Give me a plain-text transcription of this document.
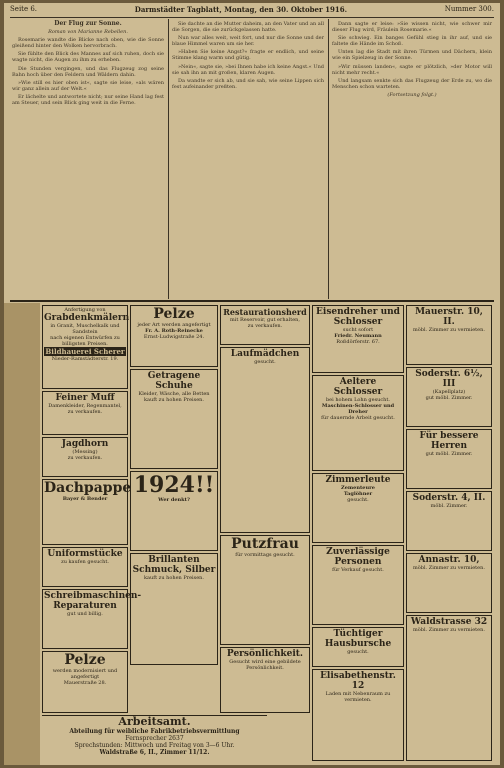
Seite 6.	Darmstädter Tagblatt, Montag, den 30. Oktober 1916.	Nummer 300.

Der Flug zur Sonne.

Roman von Marianne Rebellen.

Rosemarie wandte die Blicke nach oben, wie die Sonne gleißend hinter den Wolken hervorbrach.

Sie fühlte den Blick des Mannes auf sich ruhen, doch sie wagte nicht, die Augen zu ihm zu erheben.

Die Stunden vergingen, und das Flugzeug zog seine Bahn hoch über den Feldern und Wäldern dahin.

»Wie still es hier oben ist«, sagte sie leise, »als wären wir ganz allein auf der Welt.«

Er lächelte und antwortete nicht; nur seine Hand lag fest am Steuer, und sein Blick ging weit in die Ferne.

Sie dachte an die Mutter daheim, an den Vater und an all die Sorgen, die sie zurückgelassen hatte.

Nun war alles weit, weit fort, und nur die Sonne und der blaue Himmel waren um sie her.

»Haben Sie keine Angst?« fragte er endlich, und seine Stimme klang warm und gütig.

»Nein«, sagte sie, »bei Ihnen habe ich keine Angst.« Und sie sah ihn an mit großen, klaren Augen.

Da wandte er sich ab, und sie sah, wie seine Lippen sich fest aufeinander preßten.

Dann sagte er leise: »Sie wissen nicht, wie schwer mir dieser Flug wird, Fräulein Rosemarie.«

Sie schwieg. Ein banges Gefühl stieg in ihr auf, und sie faltete die Hände im Schoß.

Unten lag die Stadt mit ihren Türmen und Dächern, klein wie ein Spielzeug in der Sonne.

»Wir müssen landen«, sagte er plötzlich, »der Motor will nicht mehr recht.«

Und langsam senkte sich das Flugzeug der Erde zu, wo die Menschen schon warteten.

(Fortsetzung folgt.)

Anfertigung von
Grabdenkmälern
in Granit, Muschelkalk und Sandstein
nach eigenen Entwürfen zu billigsten Preisen.
Bildhauerei Scherer
Nieder-Ramstädterstr. 19.
Feiner Muff
Damenkleider, Regenmantel,
zu verkaufen.
Jagdhorn
(Messing)
zu verkaufen.
Dachpappe
Bayer & Bender
Uniformstücke
zu kaufen gesucht.
Schreibmaschinen-
Reparaturen
gut und billig.
Pelze
werden modernisiert und angefertigt
Mauerstraße 28.
Pelze
jeder Art werden angefertigt
Fr. A. Roth-Reinecke
Ernst-Ludwigstraße 24.
Getragene Schuhe
Kleider, Wäsche, alle Betten
kauft zu hohen Preisen.
1924!!
Wer denkt?
Brillanten
Schmuck, Silber
kauft zu hohen Preisen.
Restaurationsherd
mit Reservoir, gut erhalten,
zu verkaufen.
Laufmädchen
gesucht.
Putzfrau
für vormittags gesucht.
Persönlichkeit.
Gesucht wird eine gebildete Persönlichkeit.
Eisendreher und Schlosser
sucht sofort
Friedr. Neumann
Roßdörferstr. 67.
Aeltere Schlosser
bei hohem Lohn gesucht.
Maschinen-Schlosser und Dreher
für dauernde Arbeit gesucht.
Zimmerleute
Zementeure
Taglöhner
gesucht.
Zuverlässige Personen
für Verkauf gesucht.
Tüchtiger Hausbursche
gesucht.
Elisabethenstr. 12
Laden mit Nebenraum zu vermieten.
Mauerstr. 10, II.
möbl. Zimmer zu vermieten.
Soderstr. 6½, III
(Kapellplatz)
gut möbl. Zimmer.
Für bessere Herren
gut möbl. Zimmer.
Soderstr. 4, II.
möbl. Zimmer.
Annastr. 10,
möbl. Zimmer zu vermieten.
Waldstrasse 32
möbl. Zimmer zu vermieten.
Arbeitsamt.
Abteilung für weibliche Fabrikbetriebsvermittlung
Fernsprecher 2637
Sprechstunden: Mittwoch und Freitag von 3—6 Uhr.
Waldstraße 6, II., Zimmer 11/12.
